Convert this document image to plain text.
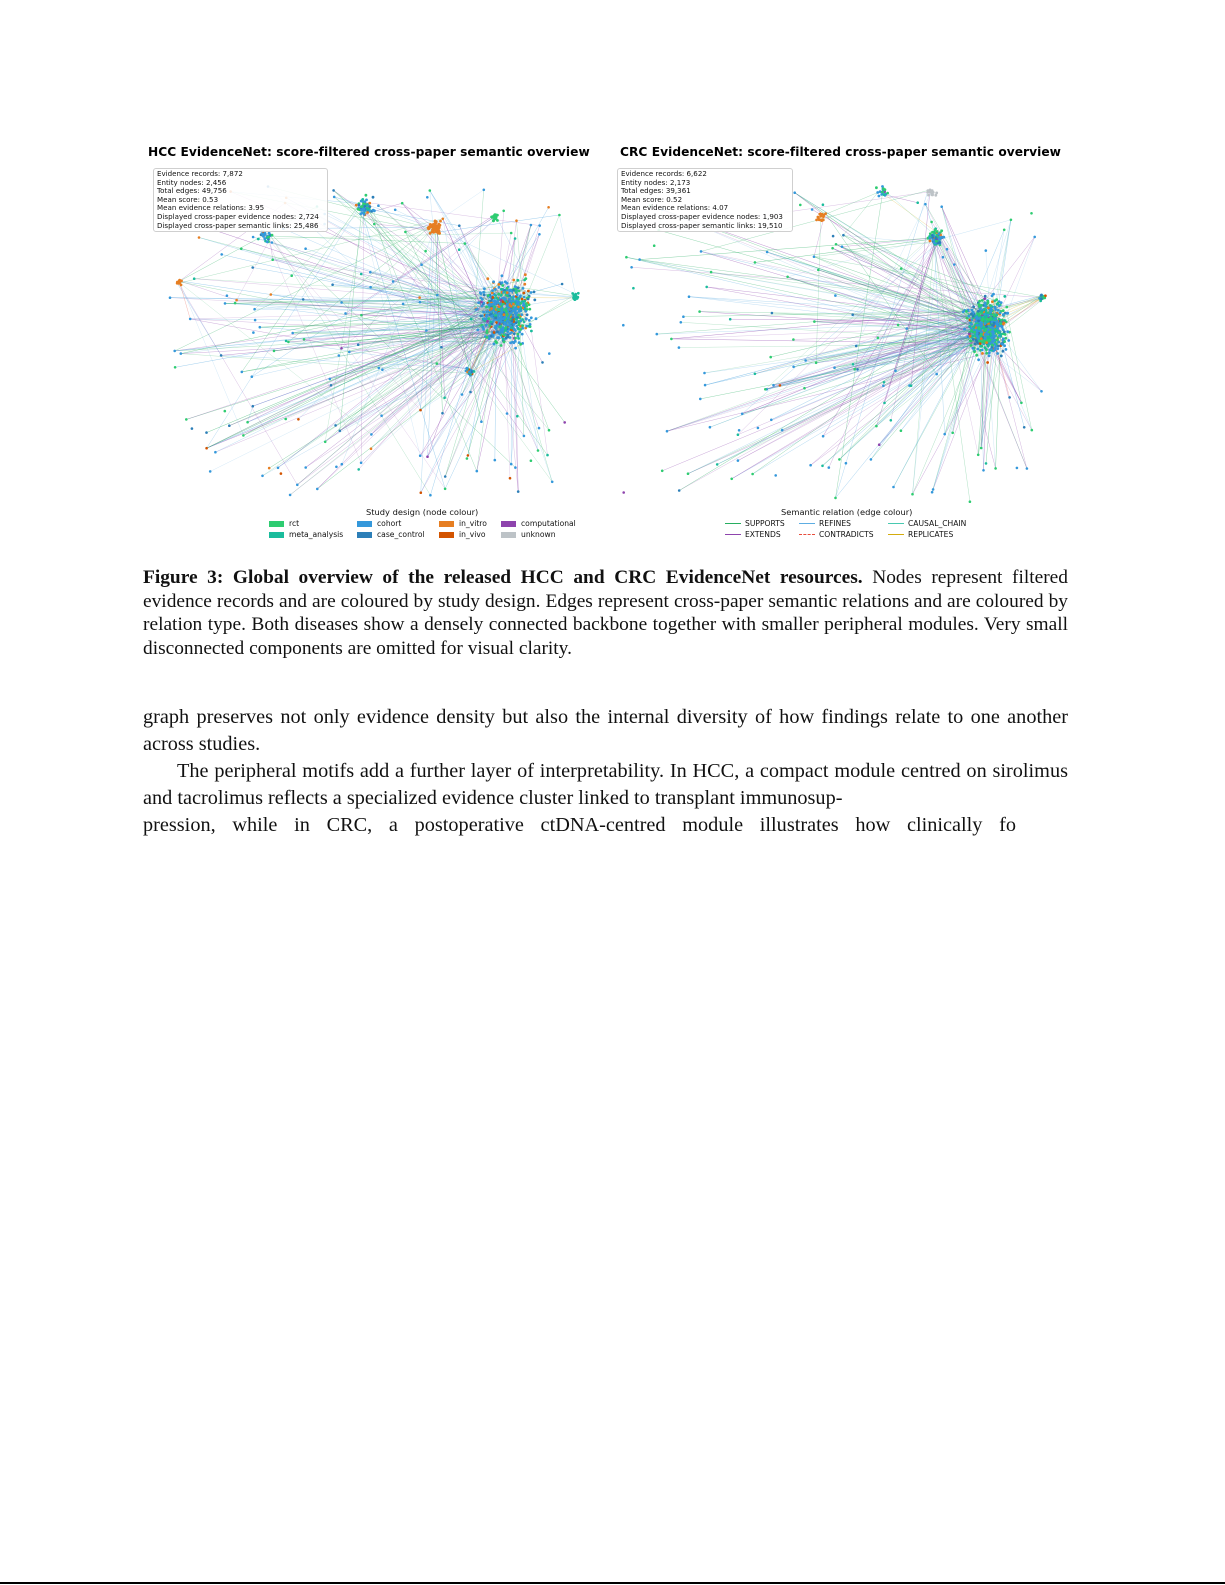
HCC EvidenceNet: score-filtered cross-paper semantic overview CRC EvidenceNet: score-filtered cross-paper semantic overview
Evidence records: 7,872
Entity nodes: 2,456
Total edges: 49,756
Mean score: 0.53
Mean evidence relations: 3.95
Displayed cross-paper evidence nodes: 2,724
Displayed cross-paper semantic links: 25,486
Evidence records: 6,622
Entity nodes: 2,173
Total edges: 39,361
Mean score: 0.52
Mean evidence relations: 4.07
Displayed cross-paper evidence nodes: 1,903
Displayed cross-paper semantic links: 19,510
Study design (node colour)
rct
meta_analysis
cohort
case_control
in_vitro
in_vivo
computational
unknown
Semantic relation (edge colour)
SUPPORTS
EXTENDS
REFINES
CONTRADICTS
CAUSAL_CHAIN
REPLICATES
Figure 3: Global overview of the released HCC and CRC EvidenceNet resources. Nodes represent filtered evidence records and are coloured by study design. Edges represent cross-paper semantic relations and are coloured by relation type. Both diseases show a densely connected backbone together with smaller peripheral modules. Very small disconnected components are omitted for visual clarity.
graph preserves not only evidence density but also the internal diversity of how findings relate to one another across studies.
The peripheral motifs add a further layer of interpretability. In HCC, a compact module centred on sirolimus and tacrolimus reflects a specialized evidence cluster linked to transplant immunosup-
pression, while in CRC, a postoperative ctDNA-centred module illustrates how clinically fo
